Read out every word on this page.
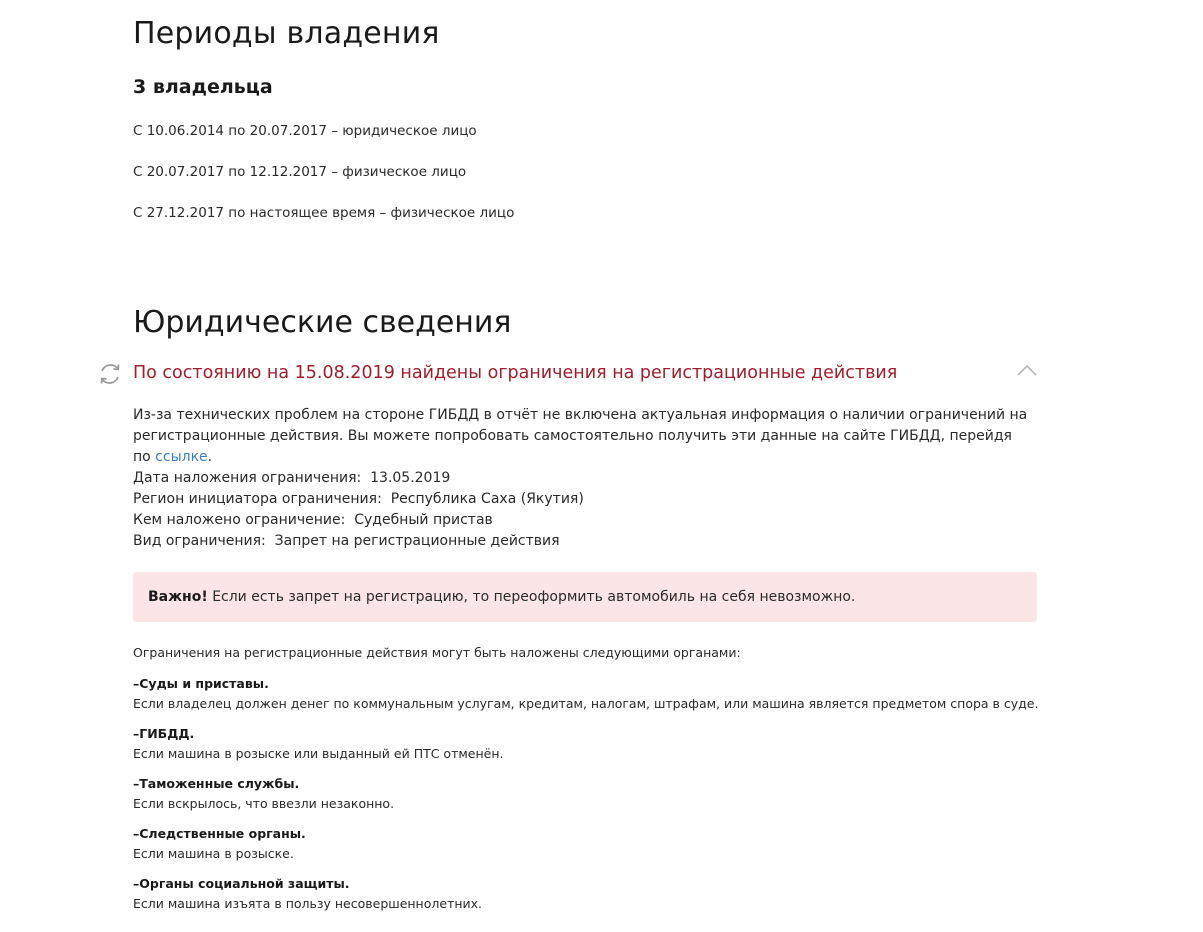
Периоды владения
3 владельца
С 10.06.2014 по 20.07.2017 – юридическое лицо
С 20.07.2017 по 12.12.2017 – физическое лицо
С 27.12.2017 по настоящее время – физическое лицо
Юридические сведения
По состоянию на 15.08.2019 найдены ограничения на регистрационные действия
Из-за технических проблем на стороне ГИБДД в отчёт не включена актуальная информация о наличии ограничений на регистрационные действия. Вы можете попробовать самостоятельно получить эти данные на сайте ГИБДД, перейдя по ссылке.
Дата наложения ограничения: 13.05.2019
Регион инициатора ограничения: Республика Саха (Якутия)
Кем наложено ограничение: Судебный пристав
Вид ограничения: Запрет на регистрационные действия
Важно! Если есть запрет на регистрацию, то переоформить автомобиль на себя невозможно.
Ограничения на регистрационные действия могут быть наложены следующими органами:
–Суды и приставы.
Если владелец должен денег по коммунальным услугам, кредитам, налогам, штрафам, или машина является предметом спора в суде.
–ГИБДД.
Если машина в розыске или выданный ей ПТС отменён.
–Таможенные службы.
Если вскрылось, что ввезли незаконно.
–Следственные органы.
Если машина в розыске.
–Органы социальной защиты.
Если машина изъята в пользу несовершеннолетних.
